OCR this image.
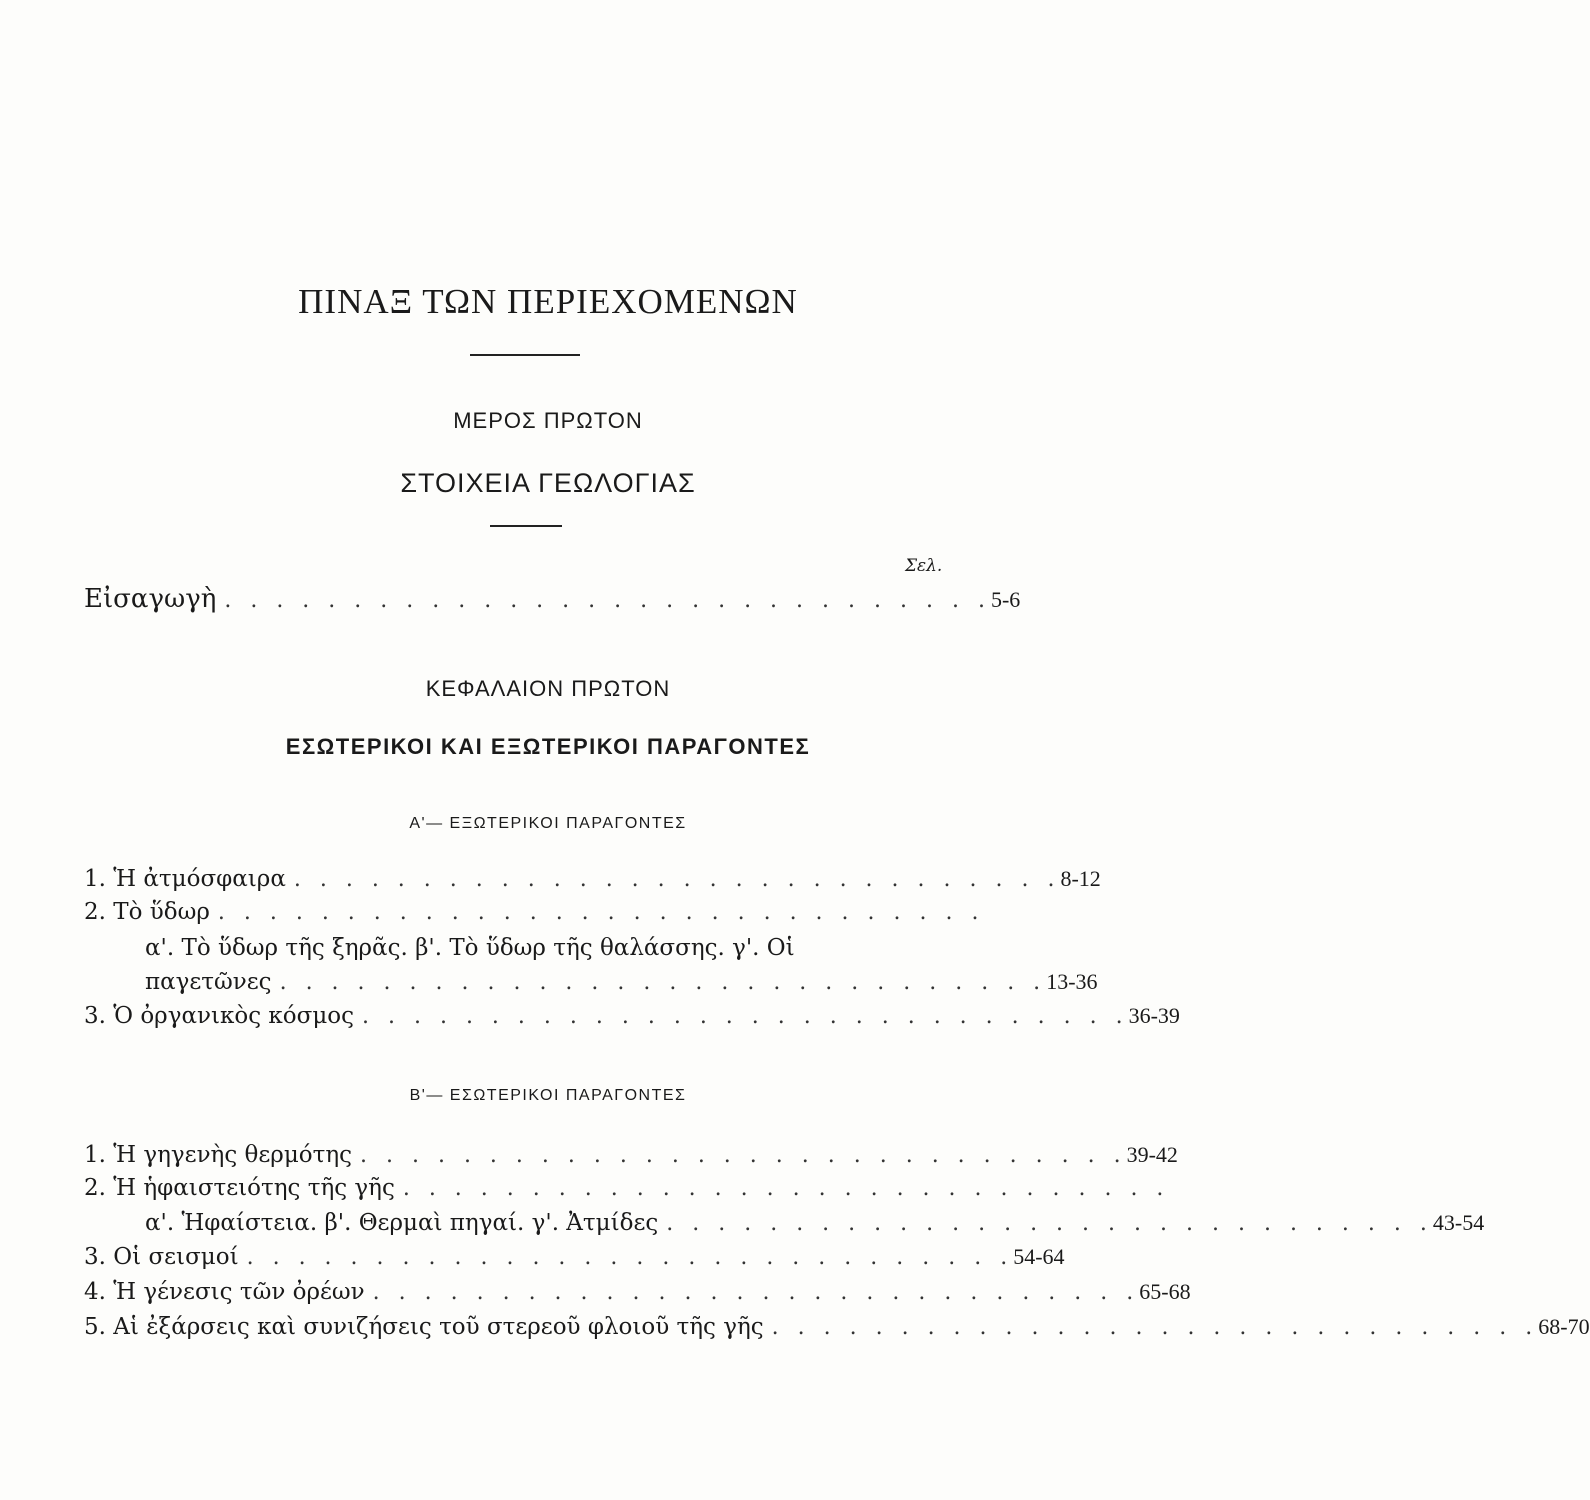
ΠΙΝΑΞ ΤΩΝ ΠΕΡΙΕΧΟΜΕΝΩΝ
ΜΕΡΟΣ ΠΡΩΤΟΝ
ΣΤΟΙΧΕΙΑ ΓΕΩΛΟΓΙΑΣ
Σελ.
Εἰσαγωγὴ . . . . . . . . . . . . . . . . . . . . . . . . . . . . . . 5-6
ΚΕΦΑΛΑΙΟΝ ΠΡΩΤΟΝ
ΕΣΩΤΕΡΙΚΟΙ ΚΑΙ ΕΞΩΤΕΡΙΚΟΙ ΠΑΡΑΓΟΝΤΕΣ
Α'— ΕΞΩΤΕΡΙΚΟΙ ΠΑΡΑΓΟΝΤΕΣ
1. Ἡ ἀτμόσφαιρα . . . . . . . . . . . . . . . . . . . . . . . . . . . . . . 8-12
2. Τὸ ὕδωρ . . . . . . . . . . . . . . . . . . . . . . . . . . . . . .
α'. Τὸ ὕδωρ τῆς ξηρᾶς. β'. Τὸ ὕδωρ τῆς θαλάσσης. γ'. Οἱ
παγετῶνες . . . . . . . . . . . . . . . . . . . . . . . . . . . . . . 13-36
3. Ὁ ὀργανικὸς κόσμος . . . . . . . . . . . . . . . . . . . . . . . . . . . . . . 36-39
Β'— ΕΣΩΤΕΡΙΚΟΙ ΠΑΡΑΓΟΝΤΕΣ
1. Ἡ γηγενὴς θερμότης . . . . . . . . . . . . . . . . . . . . . . . . . . . . . . 39-42
2. Ἡ ἡφαιστειότης τῆς γῆς . . . . . . . . . . . . . . . . . . . . . . . . . . . . . .
α'. Ἡφαίστεια. β'. Θερμαὶ πηγαί. γ'. Ἀτμίδες . . . . . . . . . . . . . . . . . . . . . . . . . . . . . . 43-54
3. Οἱ σεισμοί . . . . . . . . . . . . . . . . . . . . . . . . . . . . . . 54-64
4. Ἡ γένεσις τῶν ὀρέων . . . . . . . . . . . . . . . . . . . . . . . . . . . . . . 65-68
5. Αἱ ἐξάρσεις καὶ συνιζήσεις τοῦ στερεοῦ φλοιοῦ τῆς γῆς . . . . . . . . . . . . . . . . . . . . . . . . . . . . . . 68-70
